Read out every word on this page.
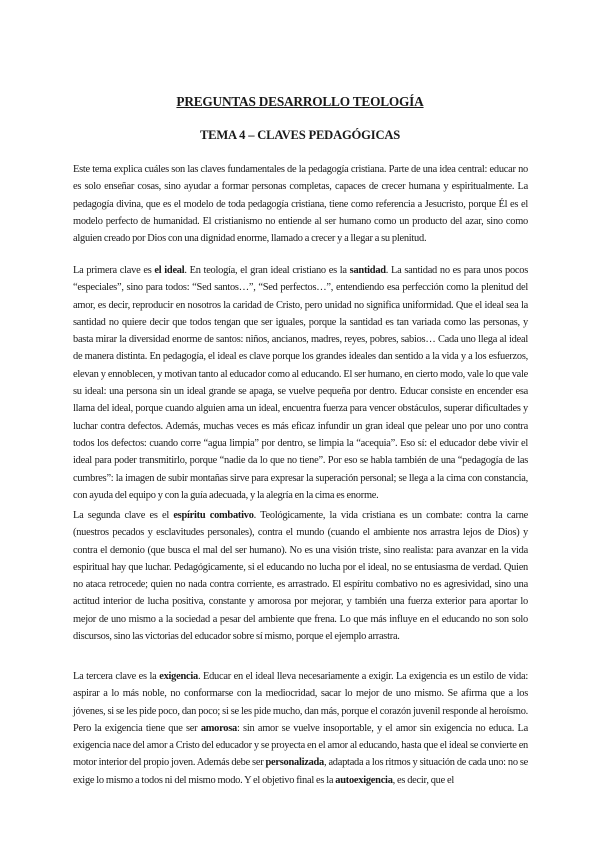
PREGUNTAS DESARROLLO TEOLOGÍA
TEMA 4 – CLAVES PEDAGÓGICAS

Este tema explica cuáles son las claves fundamentales de la pedagogía cristiana. Parte de una idea central: educar no es solo enseñar cosas, sino ayudar a formar personas completas, capaces de crecer humana y espiritualmente. La pedagogía divina, que es el modelo de toda pedagogía cristiana, tiene como referencia a Jesucristo, porque Él es el modelo perfecto de humanidad. El cristianismo no entiende al ser humano como un producto del azar, sino como alguien creado por Dios con una dignidad enorme, llamado a crecer y a llegar a su plenitud.

La primera clave es el ideal. En teología, el gran ideal cristiano es la santidad. La santidad no es para unos pocos “especiales”, sino para todos: “Sed santos…”, “Sed perfectos…”, entendiendo esa perfección como la plenitud del amor, es decir, reproducir en nosotros la caridad de Cristo, pero unidad no significa uniformidad. Que el ideal sea la santidad no quiere decir que todos tengan que ser iguales, porque la santidad es tan variada como las personas, y basta mirar la diversidad enorme de santos: niños, ancianos, madres, reyes, pobres, sabios… Cada uno llega al ideal de manera distinta. En pedagogía, el ideal es clave porque los grandes ideales dan sentido a la vida y a los esfuerzos, elevan y ennoblecen, y motivan tanto al educador como al educando. El ser humano, en cierto modo, vale lo que vale su ideal: una persona sin un ideal grande se apaga, se vuelve pequeña por dentro. Educar consiste en encender esa llama del ideal, porque cuando alguien ama un ideal, encuentra fuerza para vencer obstáculos, superar dificultades y luchar contra defectos. Además, muchas veces es más eficaz infundir un gran ideal que pelear uno por uno contra todos los defectos: cuando corre “agua limpia” por dentro, se limpia la “acequia”. Eso sí: el educador debe vivir el ideal para poder transmitirlo, porque “nadie da lo que no tiene”. Por eso se habla también de una “pedagogía de las cumbres”: la imagen de subir montañas sirve para expresar la superación personal; se llega a la cima con constancia, con ayuda del equipo y con la guía adecuada, y la alegría en la cima es enorme.

La segunda clave es el espíritu combativo. Teológicamente, la vida cristiana es un combate: contra la carne (nuestros pecados y esclavitudes personales), contra el mundo (cuando el ambiente nos arrastra lejos de Dios) y contra el demonio (que busca el mal del ser humano). No es una visión triste, sino realista: para avanzar en la vida espiritual hay que luchar. Pedagógicamente, si el educando no lucha por el ideal, no se entusiasma de verdad. Quien no ataca retrocede; quien no nada contra corriente, es arrastrado. El espíritu combativo no es agresividad, sino una actitud interior de lucha positiva, constante y amorosa por mejorar, y también una fuerza exterior para aportar lo mejor de uno mismo a la sociedad a pesar del ambiente que frena. Lo que más influye en el educando no son solo discursos, sino las victorias del educador sobre sí mismo, porque el ejemplo arrastra.

La tercera clave es la exigencia. Educar en el ideal lleva necesariamente a exigir. La exigencia es un estilo de vida: aspirar a lo más noble, no conformarse con la mediocridad, sacar lo mejor de uno mismo. Se afirma que a los jóvenes, si se les pide poco, dan poco; si se les pide mucho, dan más, porque el corazón juvenil responde al heroísmo. Pero la exigencia tiene que ser amorosa: sin amor se vuelve insoportable, y el amor sin exigencia no educa. La exigencia nace del amor a Cristo del educador y se proyecta en el amor al educando, hasta que el ideal se convierte en motor interior del propio joven. Además debe ser personalizada, adaptada a los ritmos y situación de cada uno: no se exige lo mismo a todos ni del mismo modo. Y el objetivo final es la autoexigencia, es decir, que el
